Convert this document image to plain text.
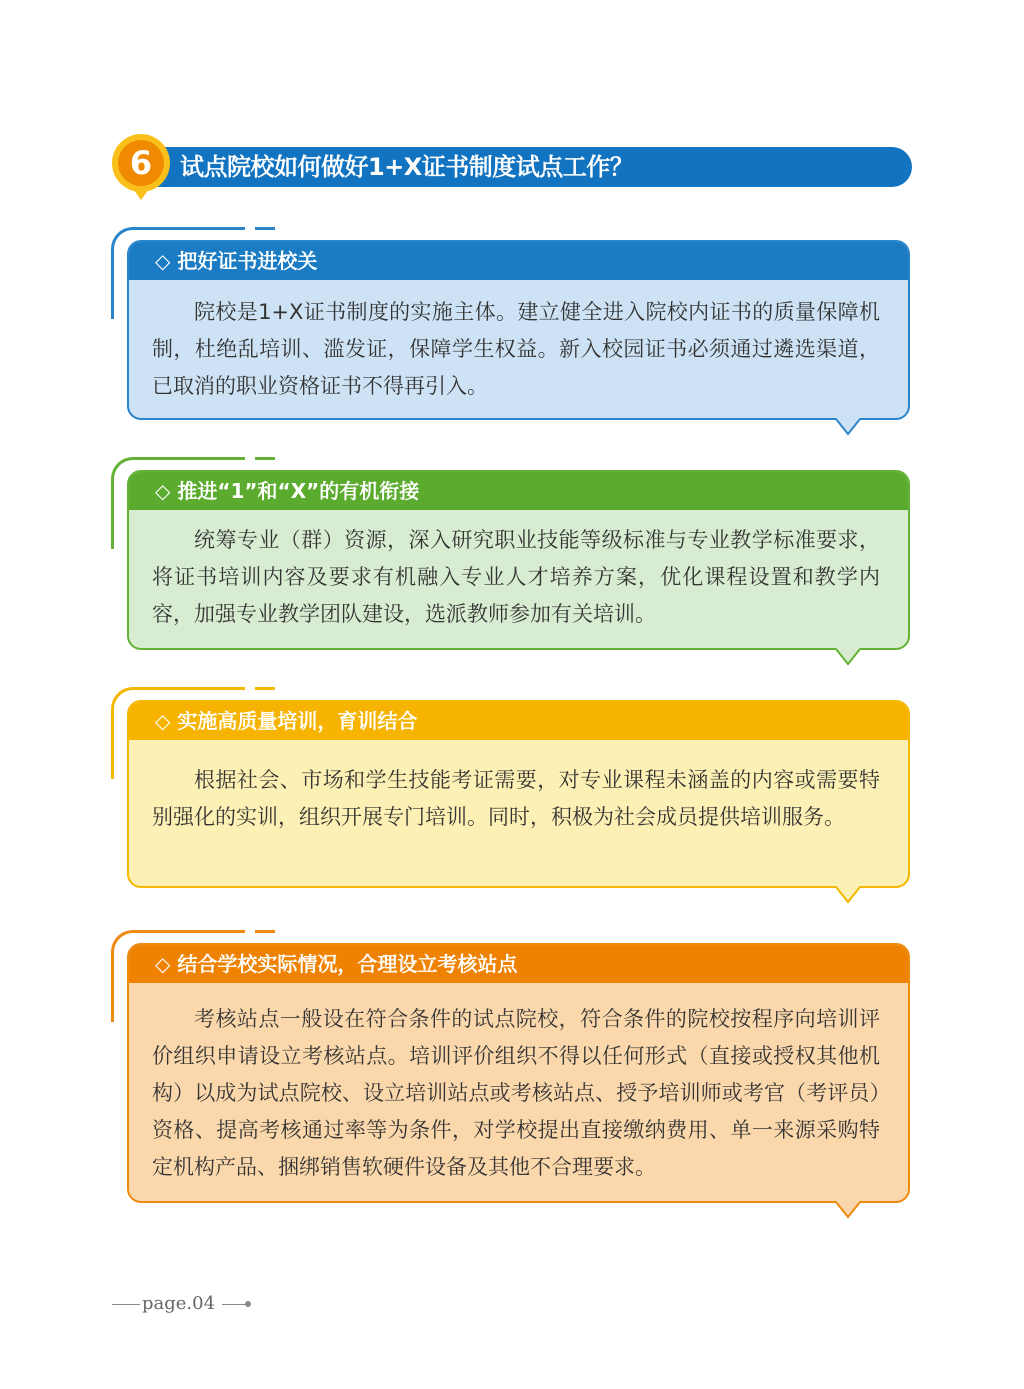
试点院校如何做好1+X证书制度试点工作？
6
◇ 把好证书进校关
院校是1+X证书制度的实施主体。建立健全进入院校内证书的质量保障机制，杜绝乱培训、滥发证，保障学生权益。新入校园证书必须通过遴选渠道，已取消的职业资格证书不得再引入。
◇ 推进“1”和“X”的有机衔接
统筹专业（群）资源，深入研究职业技能等级标准与专业教学标准要求，将证书培训内容及要求有机融入专业人才培养方案，优化课程设置和教学内容，加强专业教学团队建设，选派教师参加有关培训。
◇ 实施高质量培训，育训结合
根据社会、市场和学生技能考证需要，对专业课程未涵盖的内容或需要特别强化的实训，组织开展专门培训。同时，积极为社会成员提供培训服务。
◇ 结合学校实际情况，合理设立考核站点
考核站点一般设在符合条件的试点院校，符合条件的院校按程序向培训评价组织申请设立考核站点。培训评价组织不得以任何形式（直接或授权其他机构）以成为试点院校、设立培训站点或考核站点、授予培训师或考官（考评员）资格、提高考核通过率等为条件，对学校提出直接缴纳费用、单一来源采购特定机构产品、捆绑销售软硬件设备及其他不合理要求。
page.04
